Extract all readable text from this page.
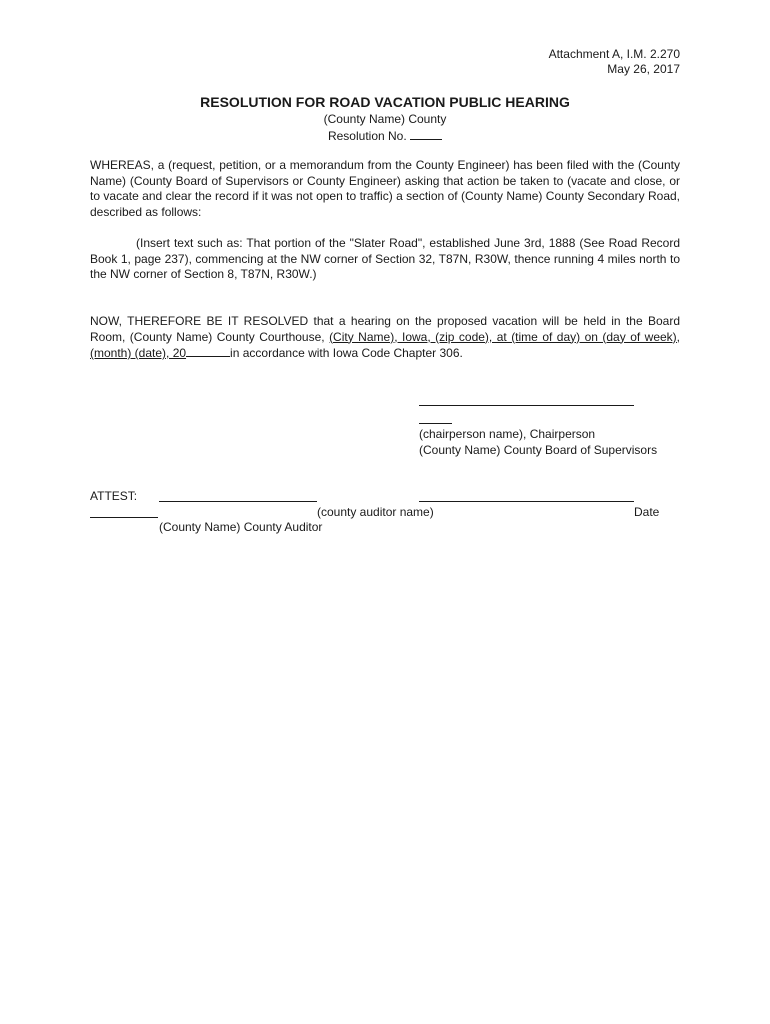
Attachment A, I.M. 2.270
May 26, 2017
RESOLUTION FOR ROAD VACATION PUBLIC HEARING
(County Name) County
Resolution No.
WHEREAS, a (request, petition, or a memorandum from the County Engineer) has been filed with the (County Name) (County Board of Supervisors or County Engineer) asking that action be taken to (vacate and close, or to vacate and clear the record if it was not open to traffic) a section of (County Name) County Secondary Road, described as follows:
(Insert text such as: That portion of the "Slater Road", established June 3rd, 1888 (See Road Record Book 1, page 237), commencing at the NW corner of Section 32, T87N, R30W, thence running 4 miles north to the NW corner of Section 8, T87N, R30W.)
NOW, THEREFORE BE IT RESOLVED that a hearing on the proposed vacation will be held in the Board Room, (County Name) County Courthouse, (City Name), Iowa, (zip code), at (time of day) on (day of week), (month) (date), 20	in accordance with Iowa Code Chapter 306.
(chairperson name), Chairperson
(County Name) County Board of Supervisors
ATTEST:
(county auditor name)	Date
(County Name) County Auditor
